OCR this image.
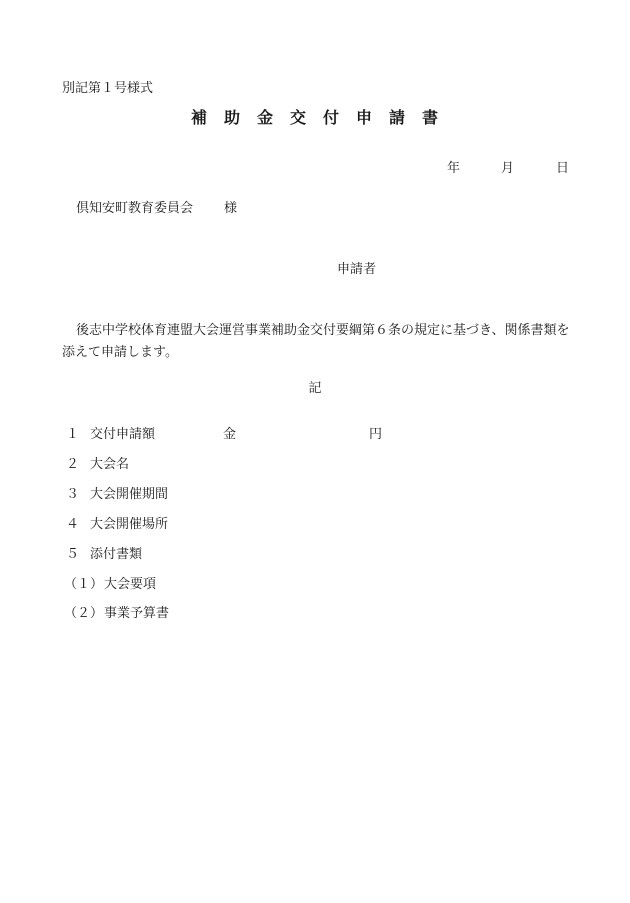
別記第１号様式
補助金交付申請書
年	月	日
倶知安町教育委員会 様
申請者
後志中学校体育連盟大会運営事業補助金交付要綱第６条の規定に基づき、関係書類を添えて申請します。
記
１ 交付申請額	金	円
２ 大会名
３ 大会開催期間
４ 大会開催場所
５ 添付書類
（１） 大会要項
（２） 事業予算書
